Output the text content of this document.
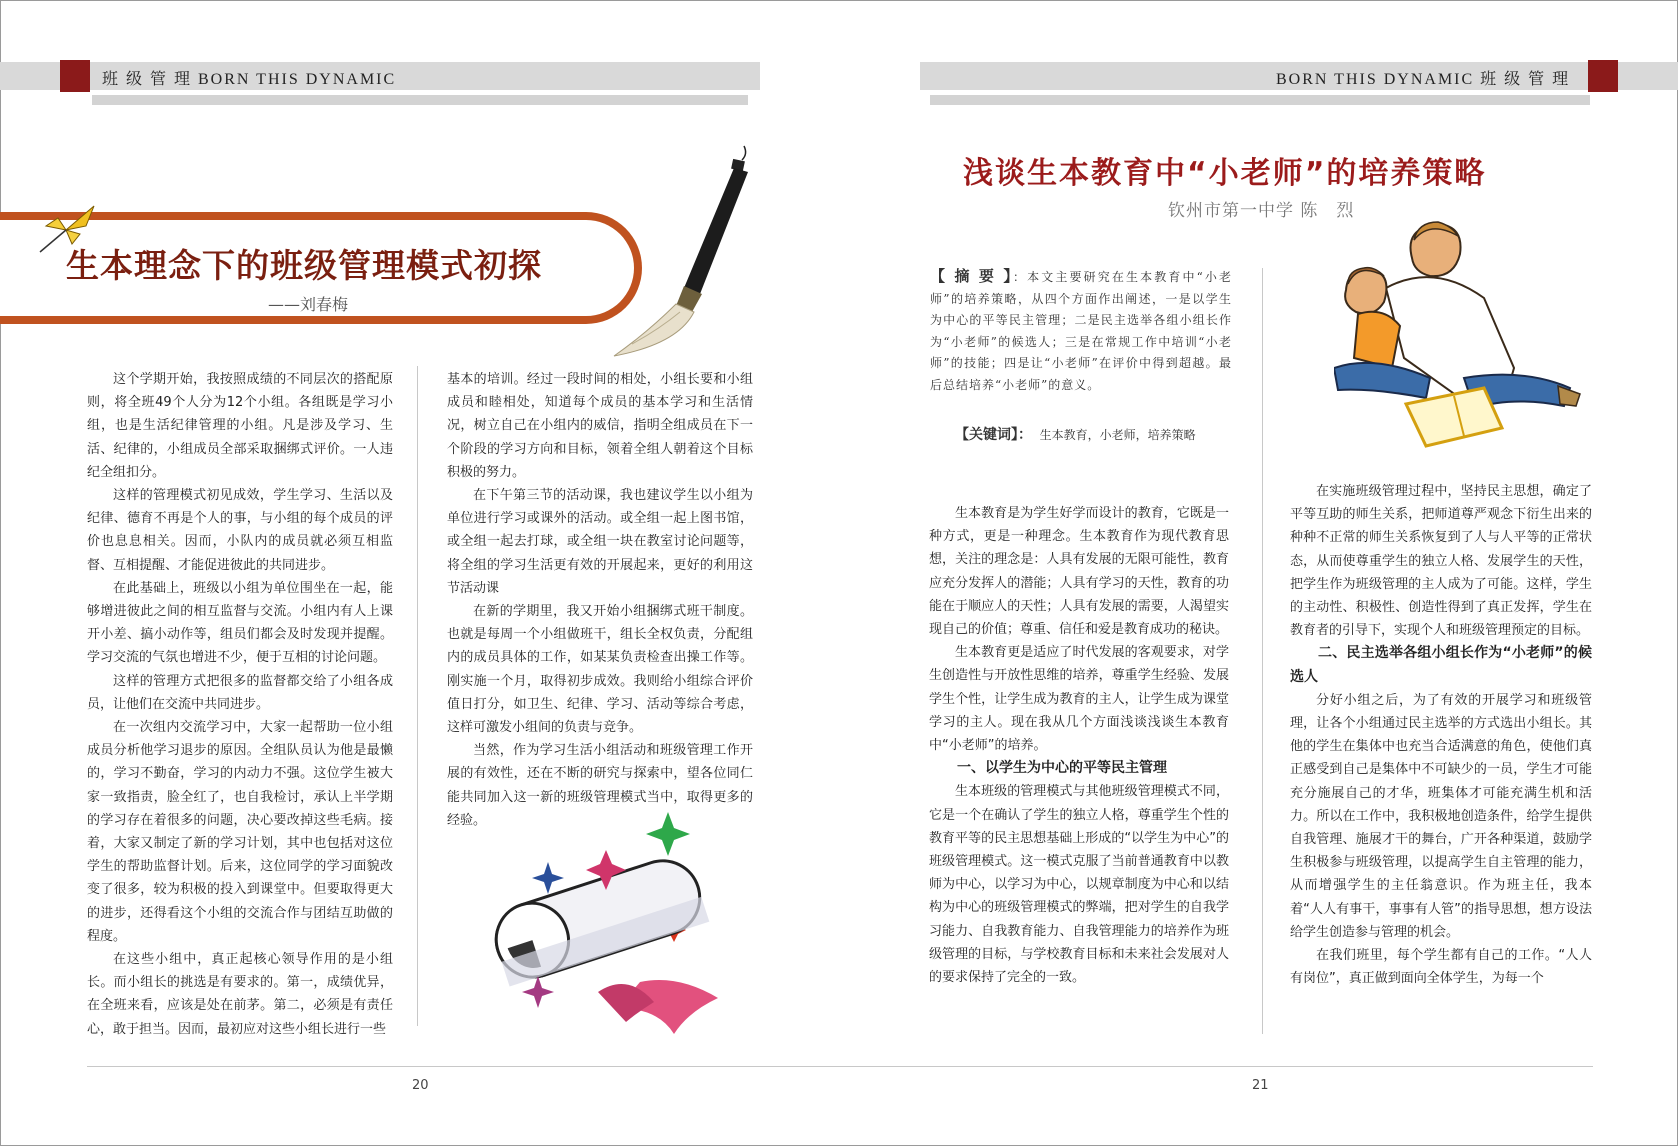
班 级 管 理 BORN THIS DYNAMIC	BORN THIS DYNAMIC 班 级 管 理
生本理念下的班级管理模式初探
——刘春梅

这个学期开始，我按照成绩的不同层次的搭配原则，将全班49个人分为12个小组。各组既是学习小组，也是生活纪律管理的小组。凡是涉及学习、生活、纪律的，小组成员全部采取捆绑式评价。一人违纪全组扣分。

这样的管理模式初见成效，学生学习、生活以及纪律、德育不再是个人的事，与小组的每个成员的评价也息息相关。因而，小队内的成员就必须互相监督、互相提醒、才能促进彼此的共同进步。

在此基础上，班级以小组为单位围坐在一起，能够增进彼此之间的相互监督与交流。小组内有人上课开小差、搞小动作等，组员们都会及时发现并提醒。学习交流的气氛也增进不少，便于互相的讨论问题。

这样的管理方式把很多的监督都交给了小组各成员，让他们在交流中共同进步。

在一次组内交流学习中，大家一起帮助一位小组成员分析他学习退步的原因。全组队员认为他是最懒的，学习不勤奋，学习的内动力不强。这位学生被大家一致指责，脸全红了，也自我检讨，承认上半学期的学习存在着很多的问题，决心要改掉这些毛病。接着，大家又制定了新的学习计划，其中也包括对这位学生的帮助监督计划。后来，这位同学的学习面貌改变了很多，较为积极的投入到课堂中。但要取得更大的进步，还得看这个小组的交流合作与团结互助做的程度。

在这些小组中，真正起核心领导作用的是小组长。而小组长的挑选是有要求的。第一，成绩优异，在全班来看，应该是处在前茅。第二，必须是有责任心，敢于担当。因而，最初应对这些小组长进行一些

基本的培训。经过一段时间的相处，小组长要和小组成员和睦相处，知道每个成员的基本学习和生活情况，树立自己在小组内的威信，指明全组成员在下一个阶段的学习方向和目标，领着全组人朝着这个目标积极的努力。

在下午第三节的活动课，我也建议学生以小组为单位进行学习或课外的活动。或全组一起上图书馆，或全组一起去打球，或全组一块在教室讨论问题等，将全组的学习生活更有效的开展起来，更好的利用这节活动课

在新的学期里，我又开始小组捆绑式班干制度。也就是每周一个小组做班干，组长全权负责，分配组内的成员具体的工作，如某某负责检查出操工作等。刚实施一个月，取得初步成效。我则给小组综合评价值日打分，如卫生、纪律、学习、活动等综合考虑，这样可激发小组间的负责与竞争。

当然，作为学习生活小组活动和班级管理工作开展的有效性，还在不断的研究与探索中，望各位同仁能共同加入这一新的班级管理模式当中，取得更多的经验。

20
浅谈生本教育中“小老师”的培养策略
钦州市第一中学 陈　烈
【 摘 要 】：本文主要研究在生本教育中“小老师”的培养策略，从四个方面作出阐述，一是以学生为中心的平等民主管理；二是民主选举各组小组长作为“小老师”的候选人；三是在常规工作中培训“小老师”的技能；四是让“小老师”在评价中得到超越。最后总结培养“小老师”的意义。
【关键词】： 生本教育，小老师，培养策略

生本教育是为学生好学而设计的教育，它既是一种方式，更是一种理念。生本教育作为现代教育思想，关注的理念是：人具有发展的无限可能性，教育应充分发挥人的潜能；人具有学习的天性，教育的功能在于顺应人的天性；人具有发展的需要，人渴望实现自己的价值；尊重、信任和爱是教育成功的秘诀。

生本教育更是适应了时代发展的客观要求，对学生创造性与开放性思维的培养，尊重学生经验、发展学生个性，让学生成为教育的主人，让学生成为课堂学习的主人。现在我从几个方面浅谈浅谈生本教育中“小老师”的培养。

一、以学生为中心的平等民主管理

生本班级的管理模式与其他班级管理模式不同，它是一个在确认了学生的独立人格，尊重学生个性的教育平等的民主思想基础上形成的“以学生为中心”的班级管理模式。这一模式克服了当前普通教育中以教师为中心，以学习为中心，以规章制度为中心和以结构为中心的班级管理模式的弊端，把对学生的自我学习能力、自我教育能力、自我管理能力的培养作为班级管理的目标，与学校教育目标和未来社会发展对人的要求保持了完全的一致。

在实施班级管理过程中，坚持民主思想，确定了平等互助的师生关系，把师道尊严观念下衍生出来的种种不正常的师生关系恢复到了人与人平等的正常状态，从而使尊重学生的独立人格、发展学生的天性，把学生作为班级管理的主人成为了可能。这样，学生的主动性、积极性、创造性得到了真正发挥，学生在教育者的引导下，实现个人和班级管理预定的目标。

二、民主选举各组小组长作为“小老师”的候选人

分好小组之后，为了有效的开展学习和班级管理，让各个小组通过民主选举的方式选出小组长。其他的学生在集体中也充当合适满意的角色，使他们真正感受到自己是集体中不可缺少的一员，学生才可能充分施展自己的才华，班集体才可能充满生机和活力。所以在工作中，我积极地创造条件，给学生提供自我管理、施展才干的舞台，广开各种渠道，鼓励学生积极参与班级管理，以提高学生自主管理的能力，从而增强学生的主任翁意识。作为班主任，我本着“人人有事干，事事有人管”的指导思想，想方设法给学生创造参与管理的机会。

在我们班里，每个学生都有自己的工作。“人人有岗位”，真正做到面向全体学生，为每一个

21
